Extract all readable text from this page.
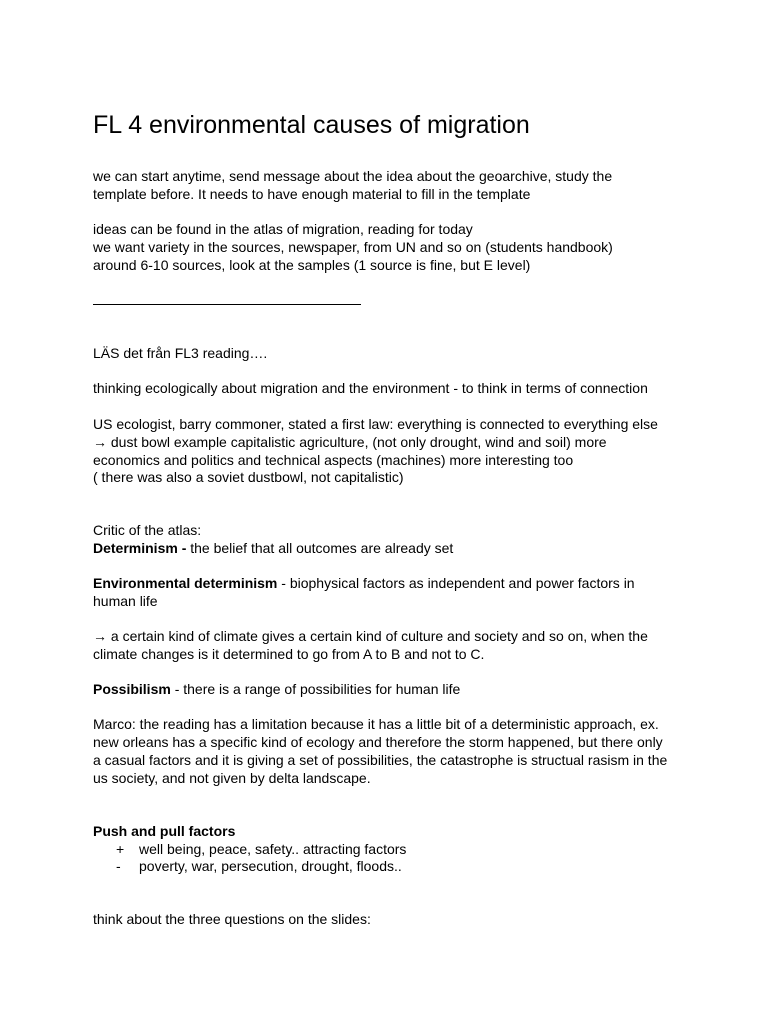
FL 4 environmental causes of migration
we can start anytime, send message about the idea about the geoarchive, study the
template before. It needs to have enough material to fill in the template
ideas can be found in the atlas of migration, reading for today
we want variety in the sources, newspaper, from UN and so on (students handbook)
around 6-10 sources, look at the samples (1 source is fine, but E level)
LÄS det från FL3 reading….
thinking ecologically about migration and the environment - to think in terms of connection
US ecologist, barry commoner, stated a first law: everything is connected to everything else
→ dust bowl example capitalistic agriculture, (not only drought, wind and soil) more
economics and politics and technical aspects (machines) more interesting too
( there was also a soviet dustbowl, not capitalistic)
Critic of the atlas:
Determinism - the belief that all outcomes are already set
Environmental determinism - biophysical factors as independent and power factors in
human life
→ a certain kind of climate gives a certain kind of culture and society and so on, when the
climate changes is it determined to go from A to B and not to C.
Possibilism - there is a range of possibilities for human life
Marco: the reading has a limitation because it has a little bit of a deterministic approach, ex.
new orleans has a specific kind of ecology and therefore the storm happened, but there only
a casual factors and it is giving a set of possibilities, the catastrophe is structual rasism in the
us society, and not given by delta landscape.
Push and pull factors
+ well being, peace, safety.. attracting factors
- poverty, war, persecution, drought, floods..
think about the three questions on the slides:
